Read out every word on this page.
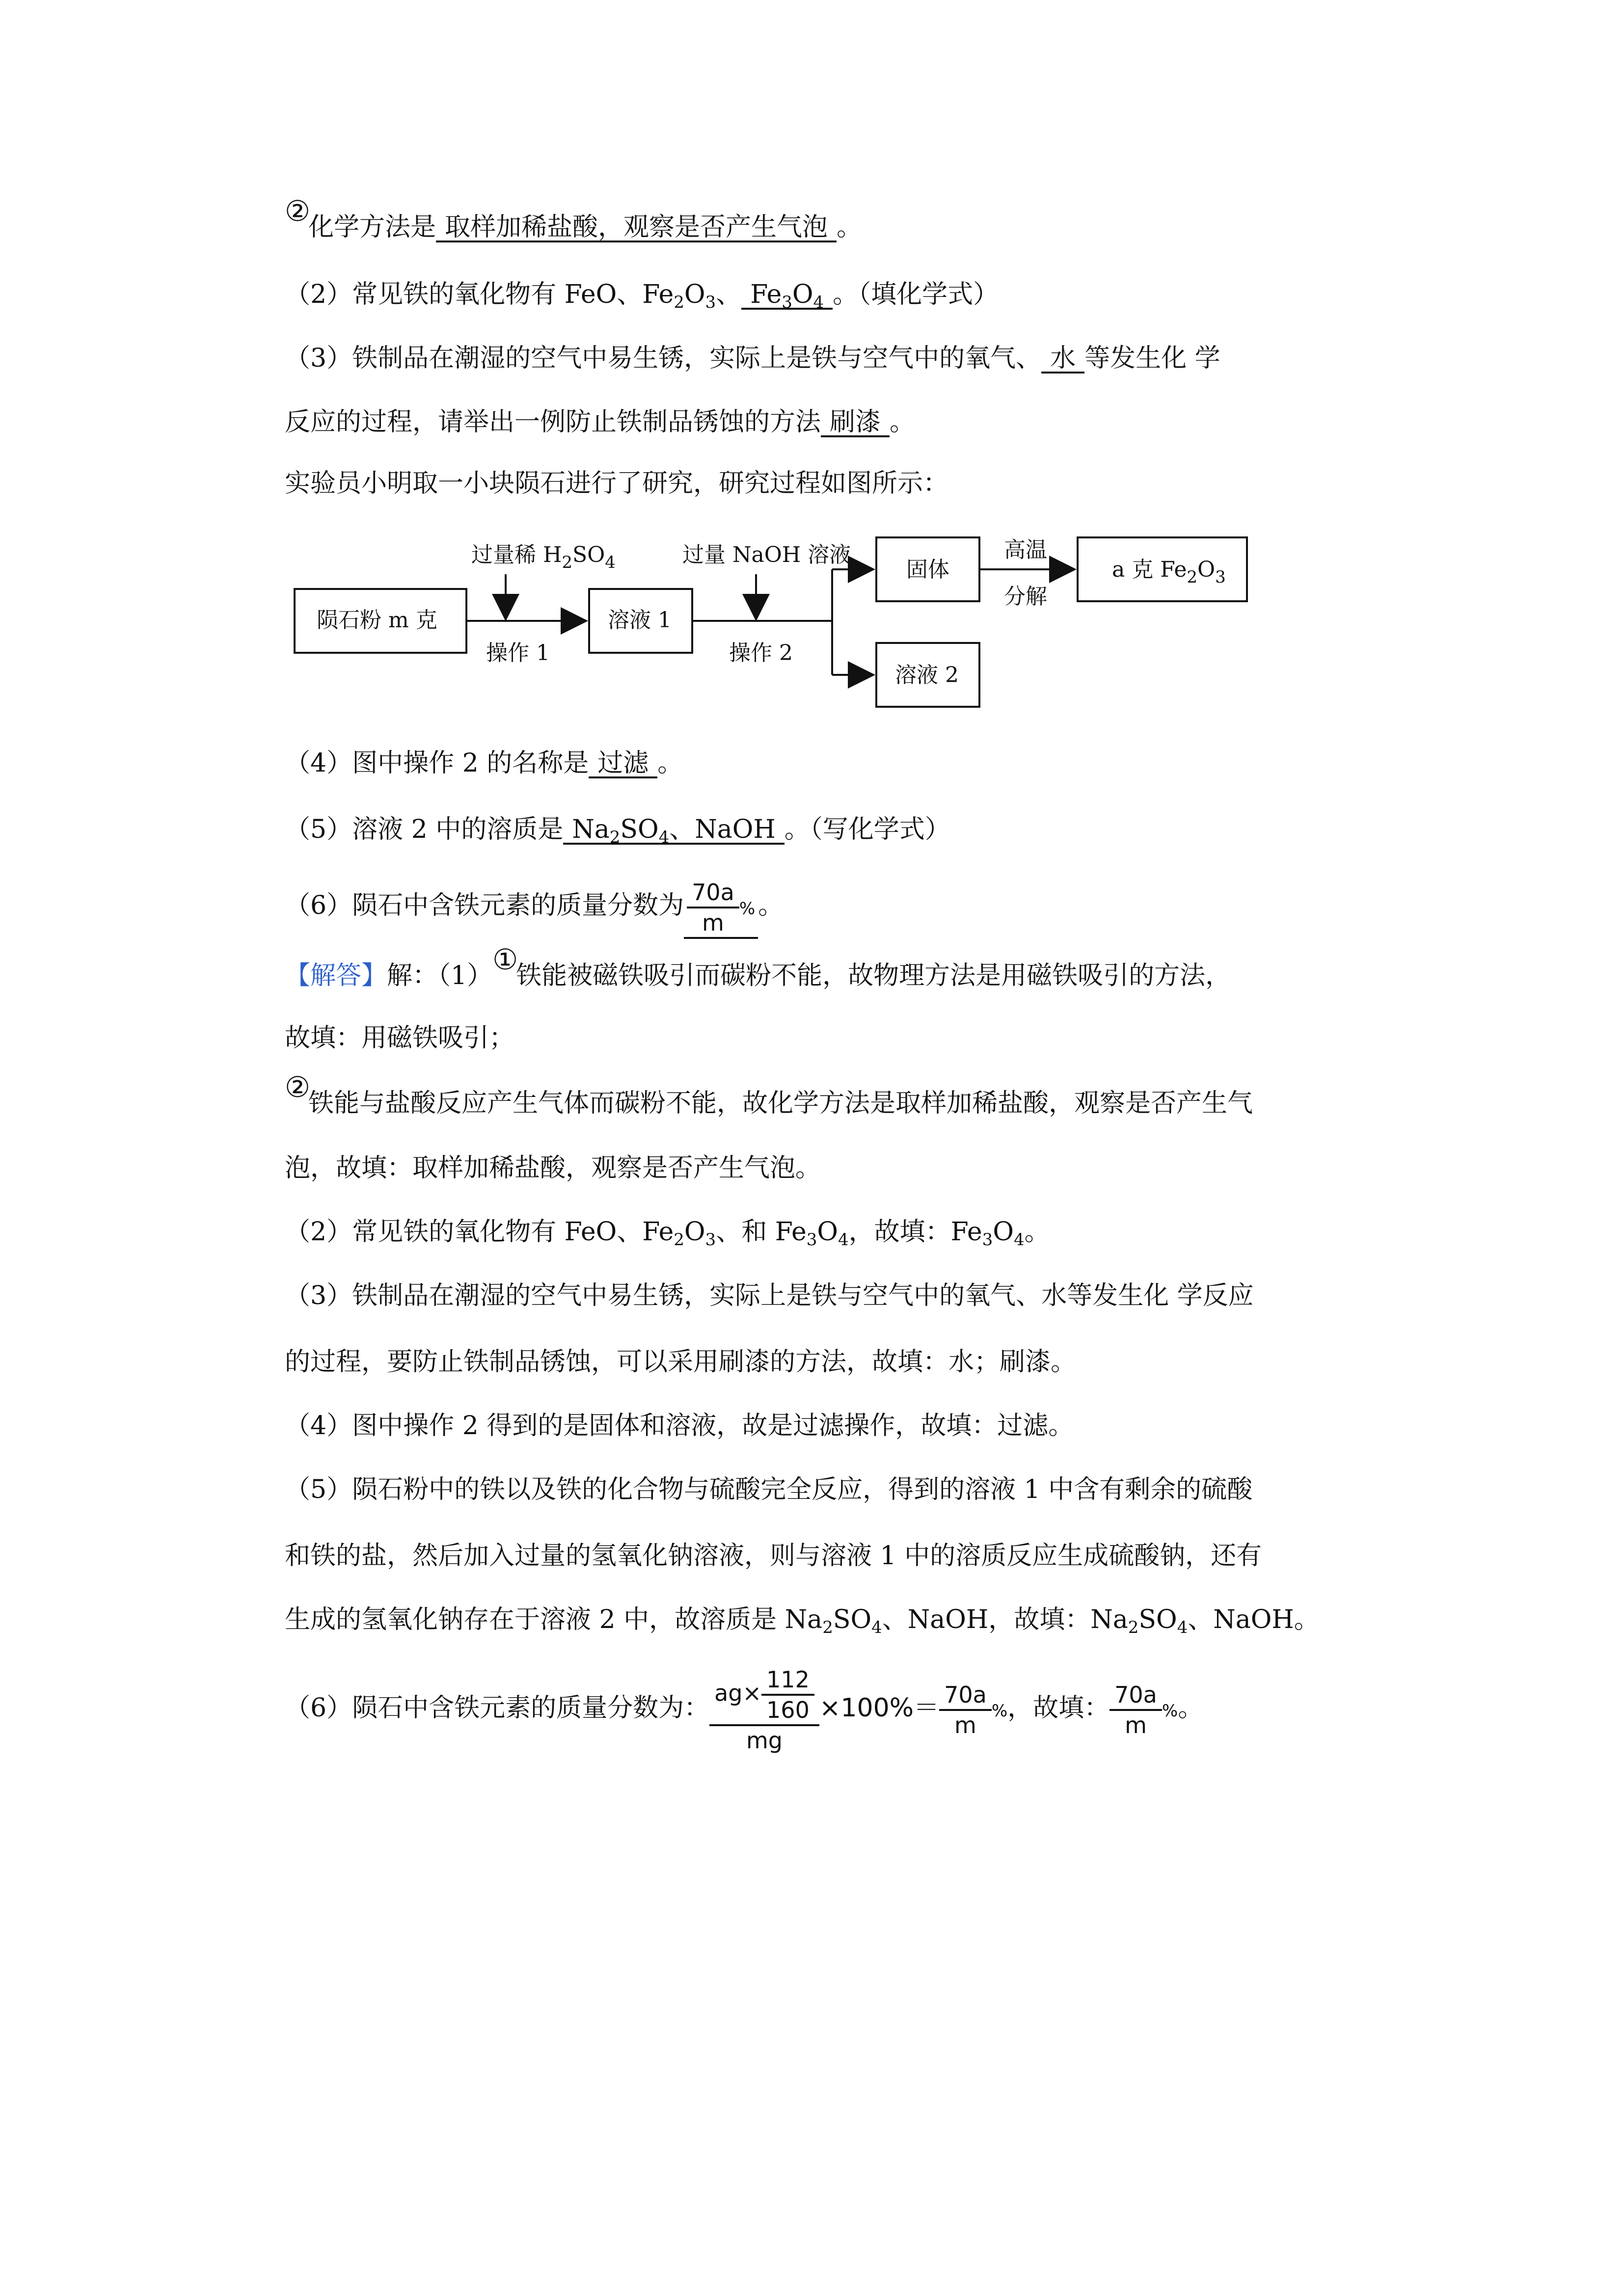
②化学方法是 取样加稀盐酸，观察是否产生气泡 。
（2）常见铁的氧化物有 FeO、$Fe_2O_3$、 $Fe_3O_4$ 。（填化学式）
（3）铁制品在潮湿的空气中易生锈，实际上是铁与空气中的氧气、 水 等发生化 学
反应的过程，请举出一例防止铁制品锈蚀的方法 刷漆 。
实验员小明取一小块陨石进行了研究，研究过程如图所示：
陨石粉 m 克
过量稀 $H_2SO_4$
操作 1
溶液 1
过量 NaOH 溶液
操作 2
固体
溶液 2
高温
分解
a 克 $Fe_2O_3$
（4）图中操作 2 的名称是 过滤 。
（5）溶液 2 中的溶质是 $Na_2SO_4$、NaOH 。（写化学式）
（6）陨石中含铁元素的质量分数为 $\frac{70a}{m}$ % 。
【解答】解：（1）①铁能被磁铁吸引而碳粉不能，故物理方法是用磁铁吸引的方法，
故填：用磁铁吸引；
②铁能与盐酸反应产生气体而碳粉不能，故化学方法是取样加稀盐酸，观察是否产生气
泡，故填：取样加稀盐酸，观察是否产生气泡。
（2）常见铁的氧化物有 FeO、$Fe_2O_3$、和 $Fe_3O_4$，故填：$Fe_3O_4$。
（3）铁制品在潮湿的空气中易生锈，实际上是铁与空气中的氧气、水等发生化 学反应
的过程，要防止铁制品锈蚀，可以采用刷漆的方法，故填：水；刷漆。
（4）图中操作 2 得到的是固体和溶液，故是过滤操作，故填：过滤。
（5）陨石粉中的铁以及铁的化合物与硫酸完全反应，得到的溶液 1 中含有剩余的硫酸
和铁的盐，然后加入过量的氢氧化钠溶液，则与溶液 1 中的溶质反应生成硫酸钠，还有
生成的氢氧化钠存在于溶液 2 中，故溶质是 $Na_2SO_4$、NaOH，故填：$Na_2SO_4$、NaOH。
（6）陨石中含铁元素的质量分数为： $\frac{ag\times \frac{112}{160}}{mg} \times 100\%= \frac{70a}{m}$ %，故填： $\frac{70a}{m}$ %。
